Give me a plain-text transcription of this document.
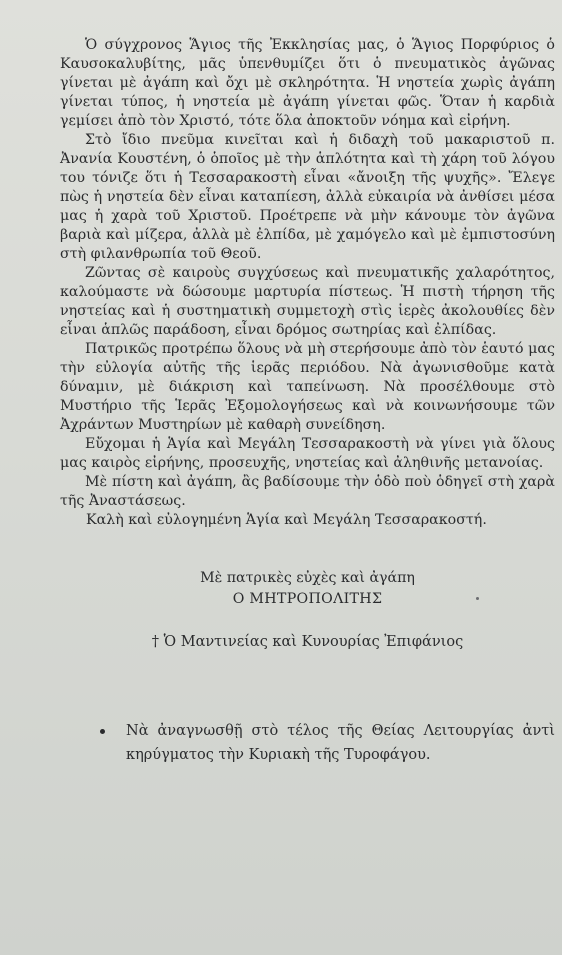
Ὁ σύγχρονος Ἅγιος τῆς Ἐκκλησίας μας, ὁ Ἅγιος Πορφύριος ὁ Καυσοκαλυβίτης, μᾶς ὑπενθυμίζει ὅτι ὁ πνευματικὸς ἀγῶνας γίνεται μὲ ἀγάπη καὶ ὄχι μὲ σκληρότητα. Ἡ νηστεία χωρὶς ἀγάπη γίνεται τύπος, ἡ νηστεία μὲ ἀγάπη γίνεται φῶς. Ὅταν ἡ καρδιὰ γεμίσει ἀπὸ τὸν Χριστό, τότε ὅλα ἀποκτοῦν νόημα καὶ εἰρήνη.

Στὸ ἴδιο πνεῦμα κινεῖται καὶ ἡ διδαχὴ τοῦ μακαριστοῦ π. Ἀνανία Κουστένη, ὁ ὁποῖος μὲ τὴν ἁπλότητα καὶ τὴ χάρη τοῦ λόγου του τόνιζε ὅτι ἡ Τεσσαρακοστὴ εἶναι «ἄνοιξη τῆς ψυχῆς». Ἔλεγε πὼς ἡ νηστεία δὲν εἶναι καταπίεση, ἀλλὰ εὐκαιρία νὰ ἀνθίσει μέσα μας ἡ χαρὰ τοῦ Χριστοῦ. Προέτρεπε νὰ μὴν κάνουμε τὸν ἀγῶνα βαριὰ καὶ μίζερα, ἀλλὰ μὲ ἐλπίδα, μὲ χαμόγελο καὶ μὲ ἐμπιστοσύνη στὴ φιλανθρωπία τοῦ Θεοῦ.

Ζῶντας σὲ καιροὺς συγχύσεως καὶ πνευματικῆς χαλαρότητος, καλούμαστε νὰ δώσουμε μαρτυρία πίστεως. Ἡ πιστὴ τήρηση τῆς νηστείας καὶ ἡ συστηματικὴ συμμετοχὴ στὶς ἱερὲς ἀκολουθίες δὲν εἶναι ἁπλῶς παράδοση, εἶναι δρόμος σωτηρίας καὶ ἐλπίδας.

Πατρικῶς προτρέπω ὅλους νὰ μὴ στερήσουμε ἀπὸ τὸν ἑαυτό μας τὴν εὐλογία αὐτῆς τῆς ἱερᾶς περιόδου. Νὰ ἀγωνισθοῦμε κατὰ δύναμιν, μὲ διάκριση καὶ ταπείνωση. Νὰ προσέλθουμε στὸ Μυστήριο τῆς Ἱερᾶς Ἐξομολογήσεως καὶ νὰ κοινωνήσουμε τῶν Ἀχράντων Μυστηρίων μὲ καθαρὴ συνείδηση.

Εὔχομαι ἡ Ἁγία καὶ Μεγάλη Τεσσαρακοστὴ νὰ γίνει γιὰ ὅλους μας καιρὸς εἰρήνης, προσευχῆς, νηστείας καὶ ἀληθινῆς μετανοίας.

Μὲ πίστη καὶ ἀγάπη, ἂς βαδίσουμε τὴν ὁδὸ ποὺ ὁδηγεῖ στὴ χαρὰ τῆς Ἀναστάσεως.

Καλὴ καὶ εὐλογημένη Ἁγία καὶ Μεγάλη Τεσσαρακοστή.

Μὲ πατρικὲς εὐχὲς καὶ ἀγάπη
Ο ΜΗΤΡΟΠΟΛΙΤΗΣ
† Ὁ Μαντινείας καὶ Κυνουρίας Ἐπιφάνιος

Νὰ ἀναγνωσθῇ στὸ τέλος τῆς Θείας Λειτουργίας ἀντὶ κηρύγματος τὴν Κυριακὴ τῆς Τυροφάγου.
